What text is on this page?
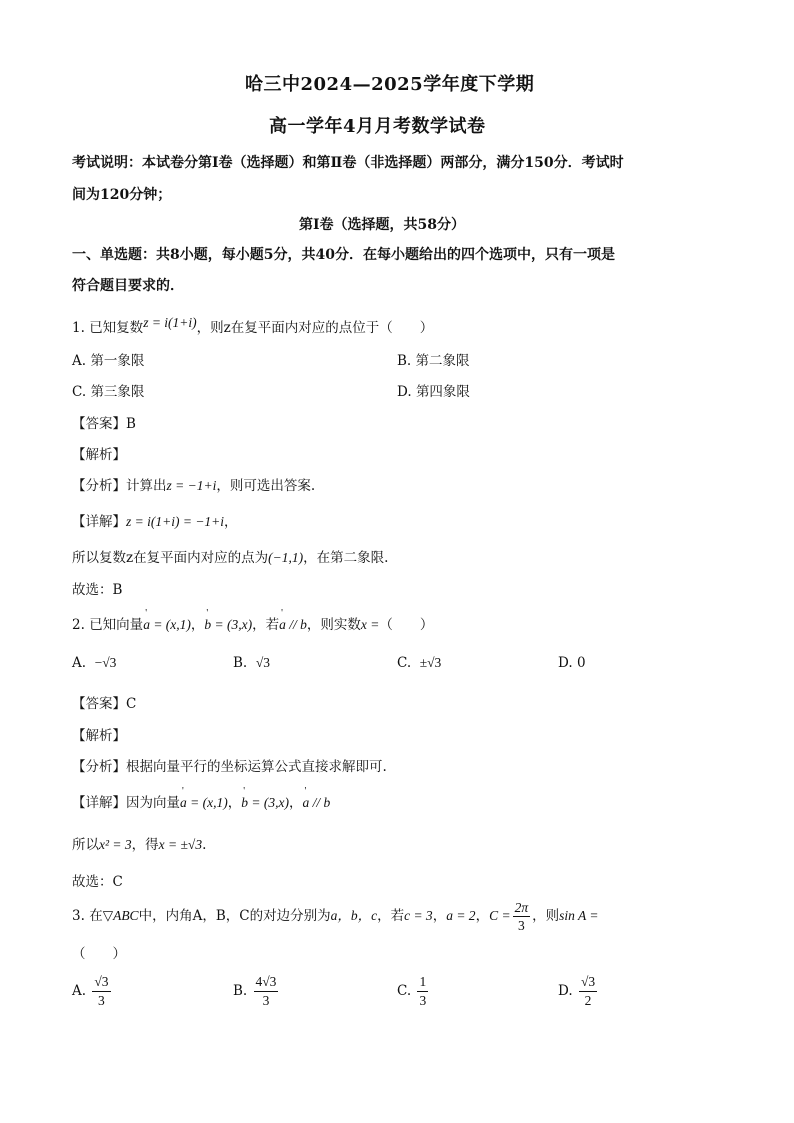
哈三中2024—2025学年度下学期
高一学年4月月考数学试卷
考试说明：本试卷分第Ⅰ卷（选择题）和第Ⅱ卷（非选择题）两部分，满分150分．考试时
间为120分钟；
第Ⅰ卷（选择题，共58分）
一、单选题：共8小题，每小题5分，共40分．在每小题给出的四个选项中，只有一项是
符合题目要求的．
1. 已知复数z = i(1+i)，则z在复平面内对应的点位于（　　）
A. 第一象限	B. 第二象限
C. 第三象限	D. 第四象限
【答案】B
【解析】
【分析】计算出z = −1+i，则可选出答案.
【详解】z = i(1+i) = −1+i，
所以复数z在复平面内对应的点为(−1,1)，在第二象限.
故选：B
2. 已知向量' a = (x,1)，' b = (3,x)，若' a // b，则实数x =（　　）
A. −√3	B. √3	C. ±√3	D. 0
【答案】C
【解析】
【分析】根据向量平行的坐标运算公式直接求解即可.
【详解】因为向量' a = (x,1)，' b = (3,x)，' a // b
所以x² = 3，得x = ±√3.
故选：C
3. 在▽ABC中，内角A，B，C的对边分别为a，b，c，若c = 3，a = 2，$C = \frac{2\pi}{3}$ ，则sin A =
（　　）
A. $\frac{√3}{3}$	B. $\frac{4√3}{3}$	C. $\frac{1}{3}$	D. $\frac{√3}{2}$
